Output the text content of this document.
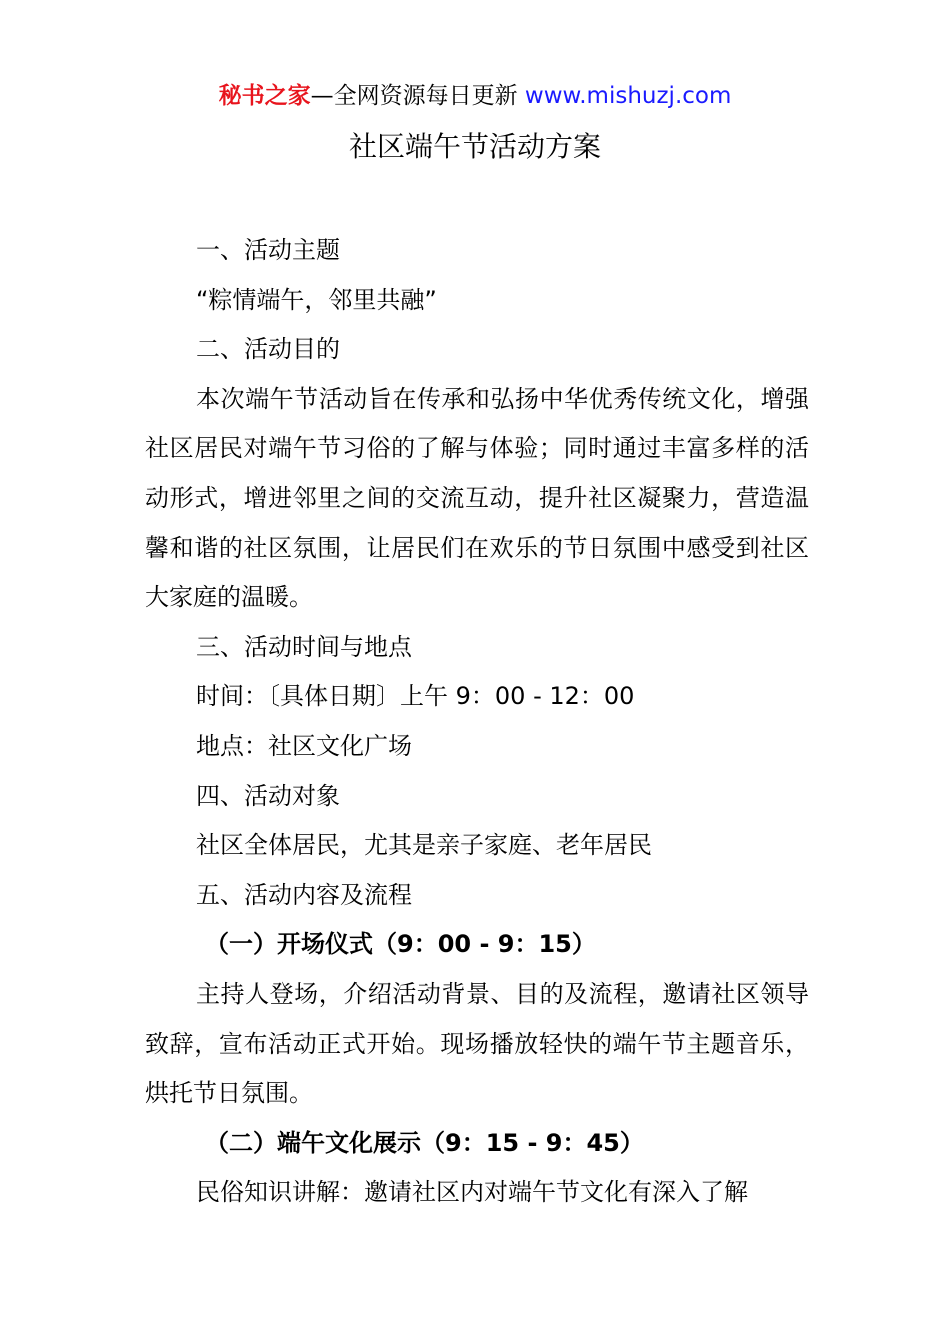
秘书之家—全网资源每日更新 www.mishuzj.com
社区端午节活动方案

一、活动主题

“粽情端午，邻里共融”

二、活动目的

本次端午节活动旨在传承和弘扬中华优秀传统文化，增强社区居民对端午节习俗的了解与体验；同时通过丰富多样的活动形式，增进邻里之间的交流互动，提升社区凝聚力，营造温馨和谐的社区氛围，让居民们在欢乐的节日氛围中感受到社区大家庭的温暖。

三、活动时间与地点

时间：〔具体日期〕上午 9：00 - 12：00

地点：社区文化广场

四、活动对象

社区全体居民，尤其是亲子家庭、老年居民

五、活动内容及流程

（一）开场仪式（9：00 - 9：15）

主持人登场，介绍活动背景、目的及流程，邀请社区领导致辞，宣布活动正式开始。现场播放轻快的端午节主题音乐，烘托节日氛围。

（二）端午文化展示（9：15 - 9：45）

民俗知识讲解：邀请社区内对端午节文化有深入了解
